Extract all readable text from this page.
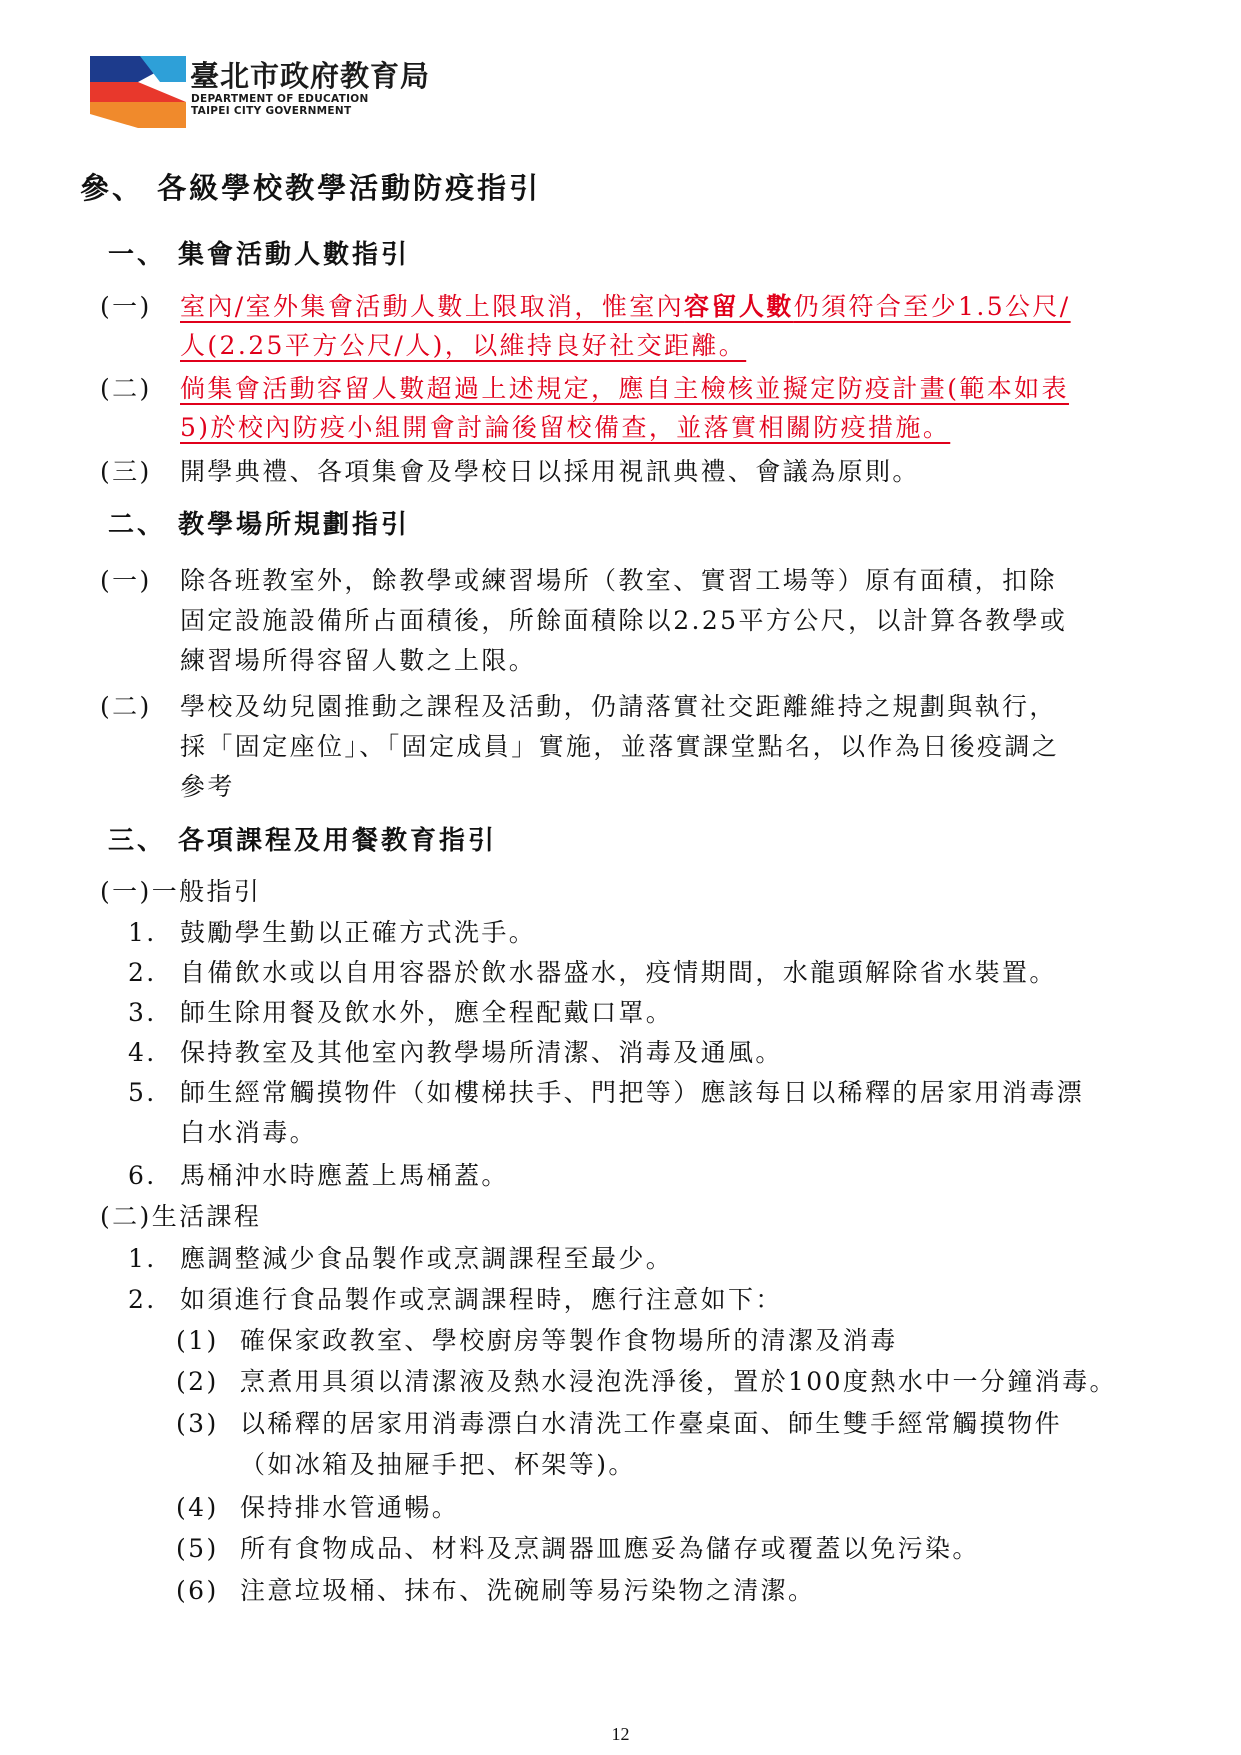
臺北市政府教育局
DEPARTMENT OF EDUCATION
TAIPEI CITY GOVERNMENT
參、 各級學校教學活動防疫指引
一、 集會活動人數指引
(一) 室內/室外集會活動人數上限取消，惟室內容留人數仍須符合至少1.5公尺/
人(2.25平方公尺/人)，以維持良好社交距離。
(二) 倘集會活動容留人數超過上述規定，應自主檢核並擬定防疫計畫(範本如表
5)於校內防疫小組開會討論後留校備查，並落實相關防疫措施。
(三) 開學典禮、各項集會及學校日以採用視訊典禮、會議為原則。
二、 教學場所規劃指引
(一) 除各班教室外，餘教學或練習場所（教室、實習工場等）原有面積，扣除
固定設施設備所占面積後，所餘面積除以2.25平方公尺，以計算各教學或
練習場所得容留人數之上限。
(二) 學校及幼兒園推動之課程及活動，仍請落實社交距離維持之規劃與執行，
採「固定座位」、「固定成員」實施，並落實課堂點名，以作為日後疫調之
參考
三、 各項課程及用餐教育指引
(一)一般指引
1. 鼓勵學生勤以正確方式洗手。
2. 自備飲水或以自用容器於飲水器盛水，疫情期間，水龍頭解除省水裝置。
3. 師生除用餐及飲水外，應全程配戴口罩。
4. 保持教室及其他室內教學場所清潔、消毒及通風。
5. 師生經常觸摸物件（如樓梯扶手、門把等）應該每日以稀釋的居家用消毒漂
白水消毒。
6. 馬桶沖水時應蓋上馬桶蓋。
(二)生活課程
1. 應調整減少食品製作或烹調課程至最少。
2. 如須進行食品製作或烹調課程時，應行注意如下：
(1) 確保家政教室、學校廚房等製作食物場所的清潔及消毒
(2) 烹煮用具須以清潔液及熱水浸泡洗淨後，置於100度熱水中一分鐘消毒。
(3) 以稀釋的居家用消毒漂白水清洗工作臺桌面、師生雙手經常觸摸物件
（如冰箱及抽屜手把、杯架等)。
(4) 保持排水管通暢。
(5) 所有食物成品、材料及烹調器皿應妥為儲存或覆蓋以免污染。
(6) 注意垃圾桶、抹布、洗碗刷等易污染物之清潔。
12
